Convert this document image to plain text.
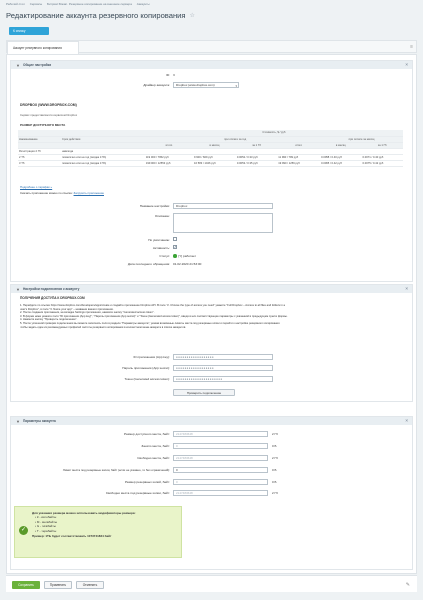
Рабочий стол Сервисы Битрикс:Бэкап. Резервное копирование на внешние сервера Аккаунты
Редактирование аккаунта резервного копирования ☆
К списку
Аккаунт резервного копирования	≡
▼ Общие настройки	×
ID: 3
Драйвер аккаунта: Dropbox (www.dropbox.com)	▾
DROPBOX (WWW.DROPBOX.COM)
Сервис предоставляется сервисом Dropbox
РАЗМЕР ДОСТУПНОГО МЕСТА
		Стоимость, $ / руб					
Наименование	Срок действия		при оплате за год			при оплате за месяц	
		итого	в месяц	за 1 Гб	итого	в месяц	за 1 Гб
Регистрация 2 Гб	навсегда						
2 Тб	помесячно или на год (скидка 17%)	119 000 / 7952 руб	9 900 / 829 руб	0.0052 / 0.33 руб	11 990 / 799 руб	0.0058 / 0.40 руб	0.0071 / 0.40 руб
3 Тб	помесячно или на год (скидка 17%)	199 000 / 12553 руб	16 583 / 1046 руб	0.0053 / 0.35 руб	19 990 / 1256 руб	0.0065 / 0.42 руб	0.0075 / 0.42 руб
Подробнее о тарифах »
Скачать приложение можно по ссылке: Загрузить приложение
Название настройки:	Dropbox
Описание:
По умолчанию:
Активность: ✓
Статус:	[Y] работает
Дата последнего обращения: 01.02.2020 21:53:00
▼ Настройки подключения к аккаунту	×
ПОЛУЧЕНИЯ ДОСТУПА К DROPBOX.COM
1. Перейдите по ссылке https://www.dropbox.com/developers/apps/create и создайте приложение Dropbox API. В поле "2. Choose the type of access you need" укажите "Full Dropbox – Access to all files and folders in a
user's Dropbox", в поле "3. Name your app" – название вашего приложения.
2. После создания приложения, на вкладке Settings приложения, нажмите кнопку "Generated access token".
3. В форме ниже укажите поля "ID приложения (App key)", "Пароль приложения (App secret)" и "Токен (Generated access token)", введя в них соответствующие параметры с указанной в предыдущем пункте формы.
4. Нажмите кнопку "Проверить подключение".
5. После успешной проверки подключения вы можете заполнить поля в разделе "Параметры аккаунта", указав возможные лимиты места под резервные копии и перейти к настройке резервного копирования
чтобы задать один из рекомендуемых профилей частоты резервного копирования в контекстном меню аккаунта в списке аккаунтов.
ID приложения (App key): ●●●●●●●●●●●●●●●●●●
Пароль приложения (App secret): ●●●●●●●●●●●●●●●●●●
Токен (Generated access token): ●●●●●●●●●●●●●●●●●●●●●●
Проверить подключение
▼ Параметры аккаунта	×
Размер доступного места, байт:	2147483648	2 Гб
Занято места, байт:	0	0 Б
Свободно места, байт:	2147483648	2 Гб
Лимит места под резервные копии, байт (если не указано, то без ограничений):	0	0 Б
Размер резервных копий, байт:	0	0 Б
Свободно места под резервные копии, байт:	2147483648	2 Гб
✓
Для указания размера можно использовать модификаторы размера:
• К - килобайты
• М - мегабайты
• G - гигабайты
• Т - терабайты
Пример: 1ТБ будет соответствовать 1073741824 байт
Сохранить	Применить	Отменить	✎
